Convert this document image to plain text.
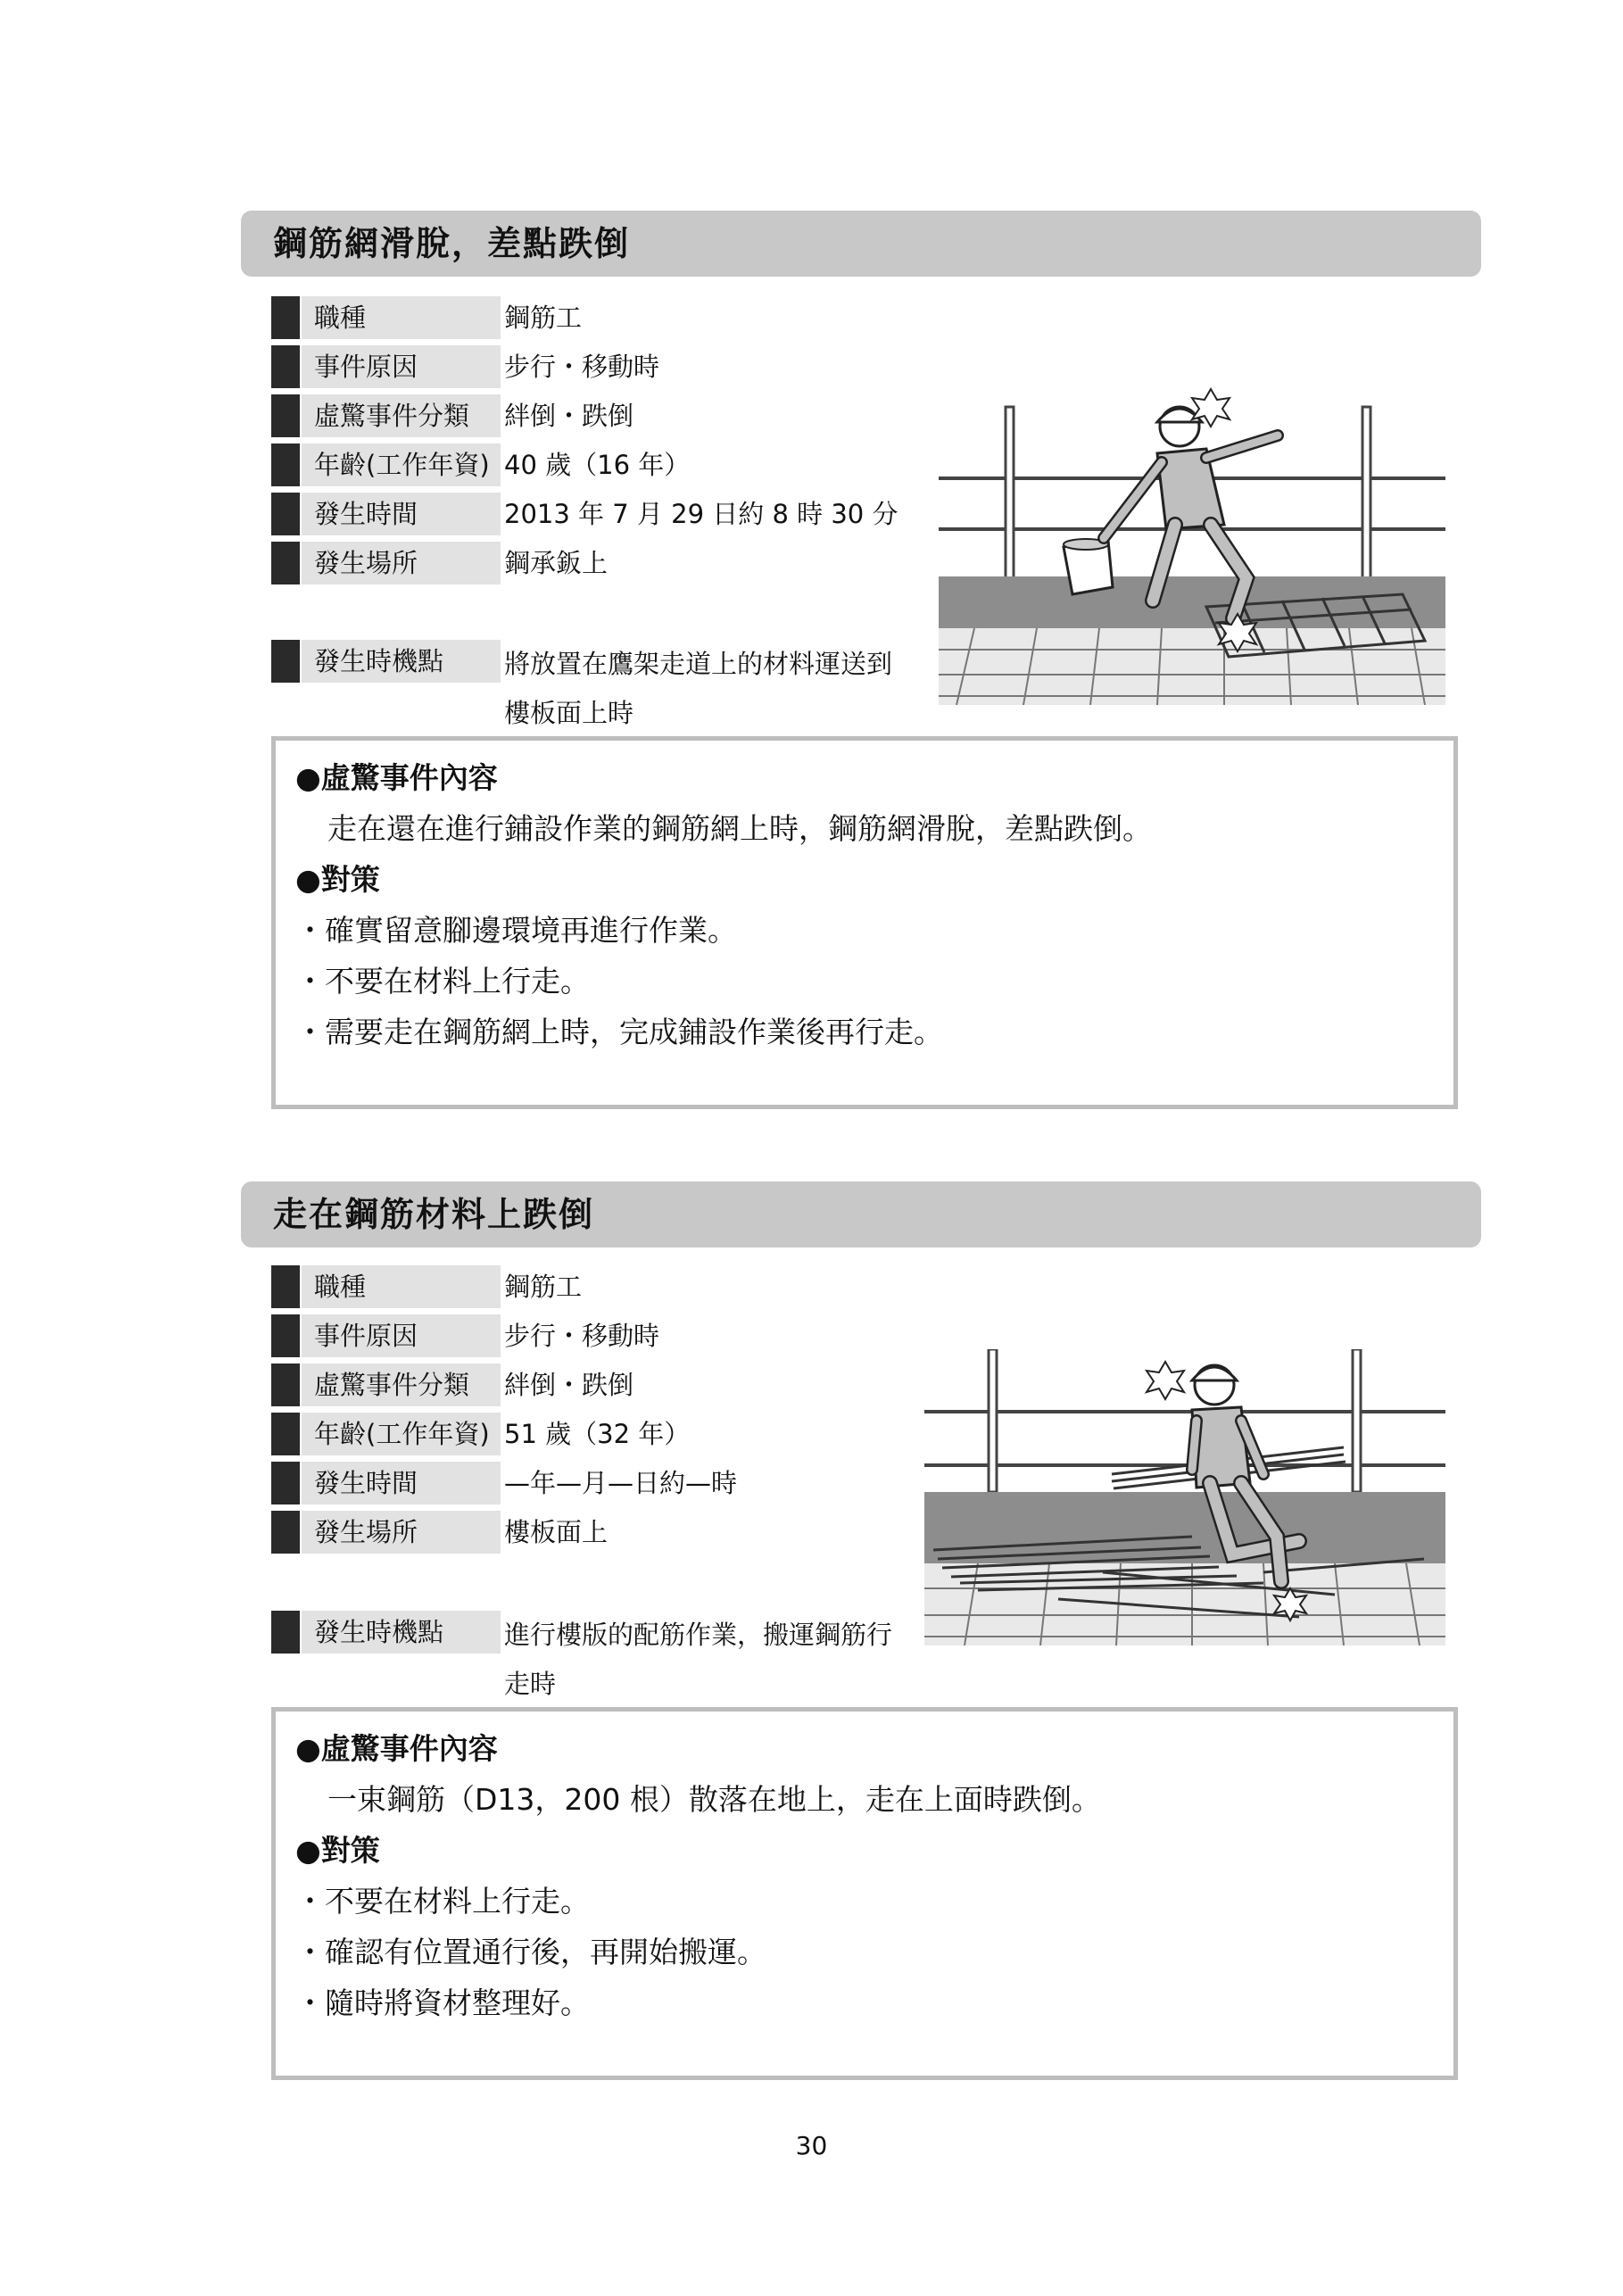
鋼筋網滑脫，差點跌倒
職種	鋼筋工
事件原因	步行・移動時
虛驚事件分類	絆倒・跌倒
年齡(工作年資) 40 歲（16 年）
發生時間	2013 年 7 月 29 日約 8 時 30 分
發生場所	鋼承鈑上
發生時機點	將放置在鷹架走道上的材料運送到樓板面上時
●虛驚事件內容
走在還在進行鋪設作業的鋼筋網上時，鋼筋網滑脫，差點跌倒。
●對策
・確實留意腳邊環境再進行作業。
・不要在材料上行走。
・需要走在鋼筋網上時，完成鋪設作業後再行走。
走在鋼筋材料上跌倒
職種	鋼筋工
事件原因	步行・移動時
虛驚事件分類	絆倒・跌倒
年齡(工作年資) 51 歲（32 年）
發生時間	—年—月—日約—時
發生場所	樓板面上
發生時機點	進行樓版的配筋作業，搬運鋼筋行走時
●虛驚事件內容
一束鋼筋（D13，200 根）散落在地上，走在上面時跌倒。
●對策
・不要在材料上行走。
・確認有位置通行後，再開始搬運。
・隨時將資材整理好。
30
